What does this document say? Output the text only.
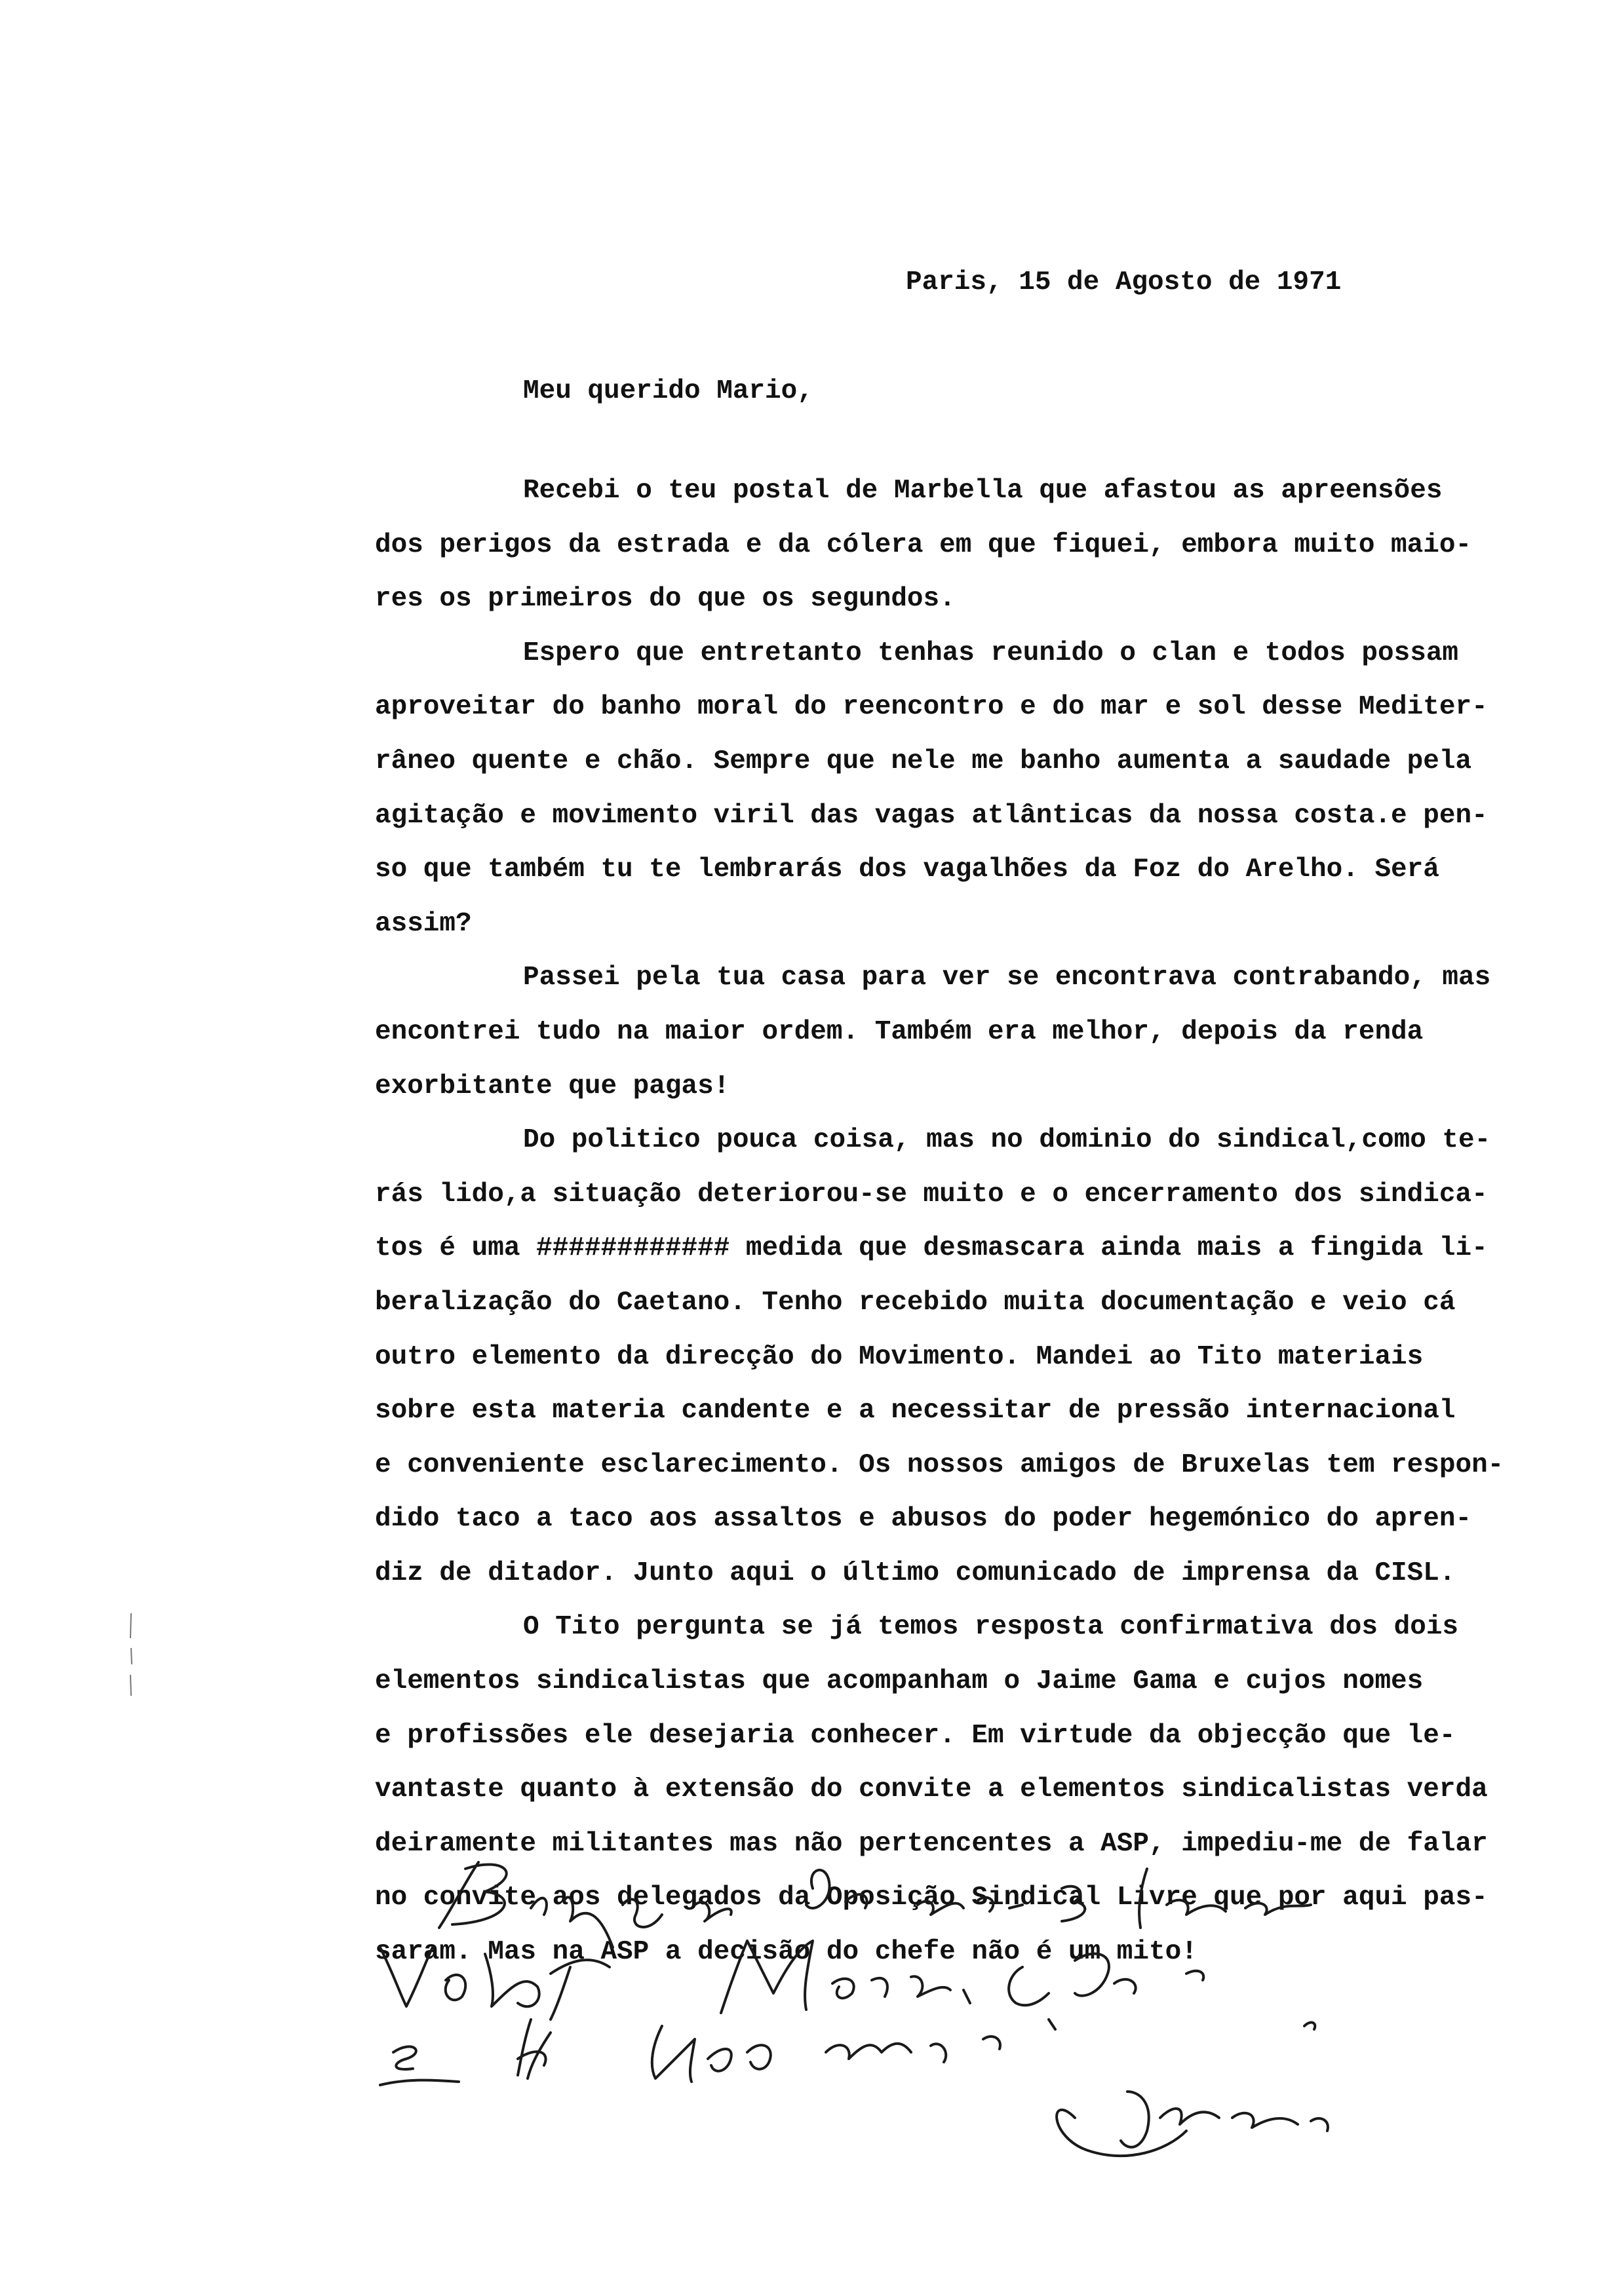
Paris, 15 de Agosto de 1971
Meu querido Mario,
Recebi o teu postal de Marbella que afastou as apreensões
dos perigos da estrada e da cólera em que fiquei, embora muito maio-
res os primeiros do que os segundos.
Espero que entretanto tenhas reunido o clan e todos possam
aproveitar do banho moral do reencontro e do mar e sol desse Mediter-
râneo quente e chão. Sempre que nele me banho aumenta a saudade pela
agitação e movimento viril das vagas atlânticas da nossa costa.e pen-
so que também tu te lembrarás dos vagalhões da Foz do Arelho. Será
assim?
Passei pela tua casa para ver se encontrava contrabando, mas
encontrei tudo na maior ordem. Também era melhor, depois da renda
exorbitante que pagas!
Do politico pouca coisa, mas no dominio do sindical,como te-
rás lido,a situação deteriorou-se muito e o encerramento dos sindica-
tos é uma ############ medida que desmascara ainda mais a fingida li-
beralização do Caetano. Tenho recebido muita documentação e veio cá
outro elemento da direcção do Movimento. Mandei ao Tito materiais
sobre esta materia candente e a necessitar de pressão internacional
e conveniente esclarecimento. Os nossos amigos de Bruxelas tem respon-
dido taco a taco aos assaltos e abusos do poder hegemónico do apren-
diz de ditador. Junto aqui o último comunicado de imprensa da CISL.
O Tito pergunta se já temos resposta confirmativa dos dois
elementos sindicalistas que acompanham o Jaime Gama e cujos nomes
e profissões ele desejaria conhecer. Em virtude da objecção que le-
vantaste quanto à extensão do convite a elementos sindicalistas verda
deiramente militantes mas não pertencentes a ASP, impediu-me de falar
no convite aos delegados da Oposição Sindical Livre que por aqui pas-
saram. Mas na ASP a decisão do chefe não é um mito!
